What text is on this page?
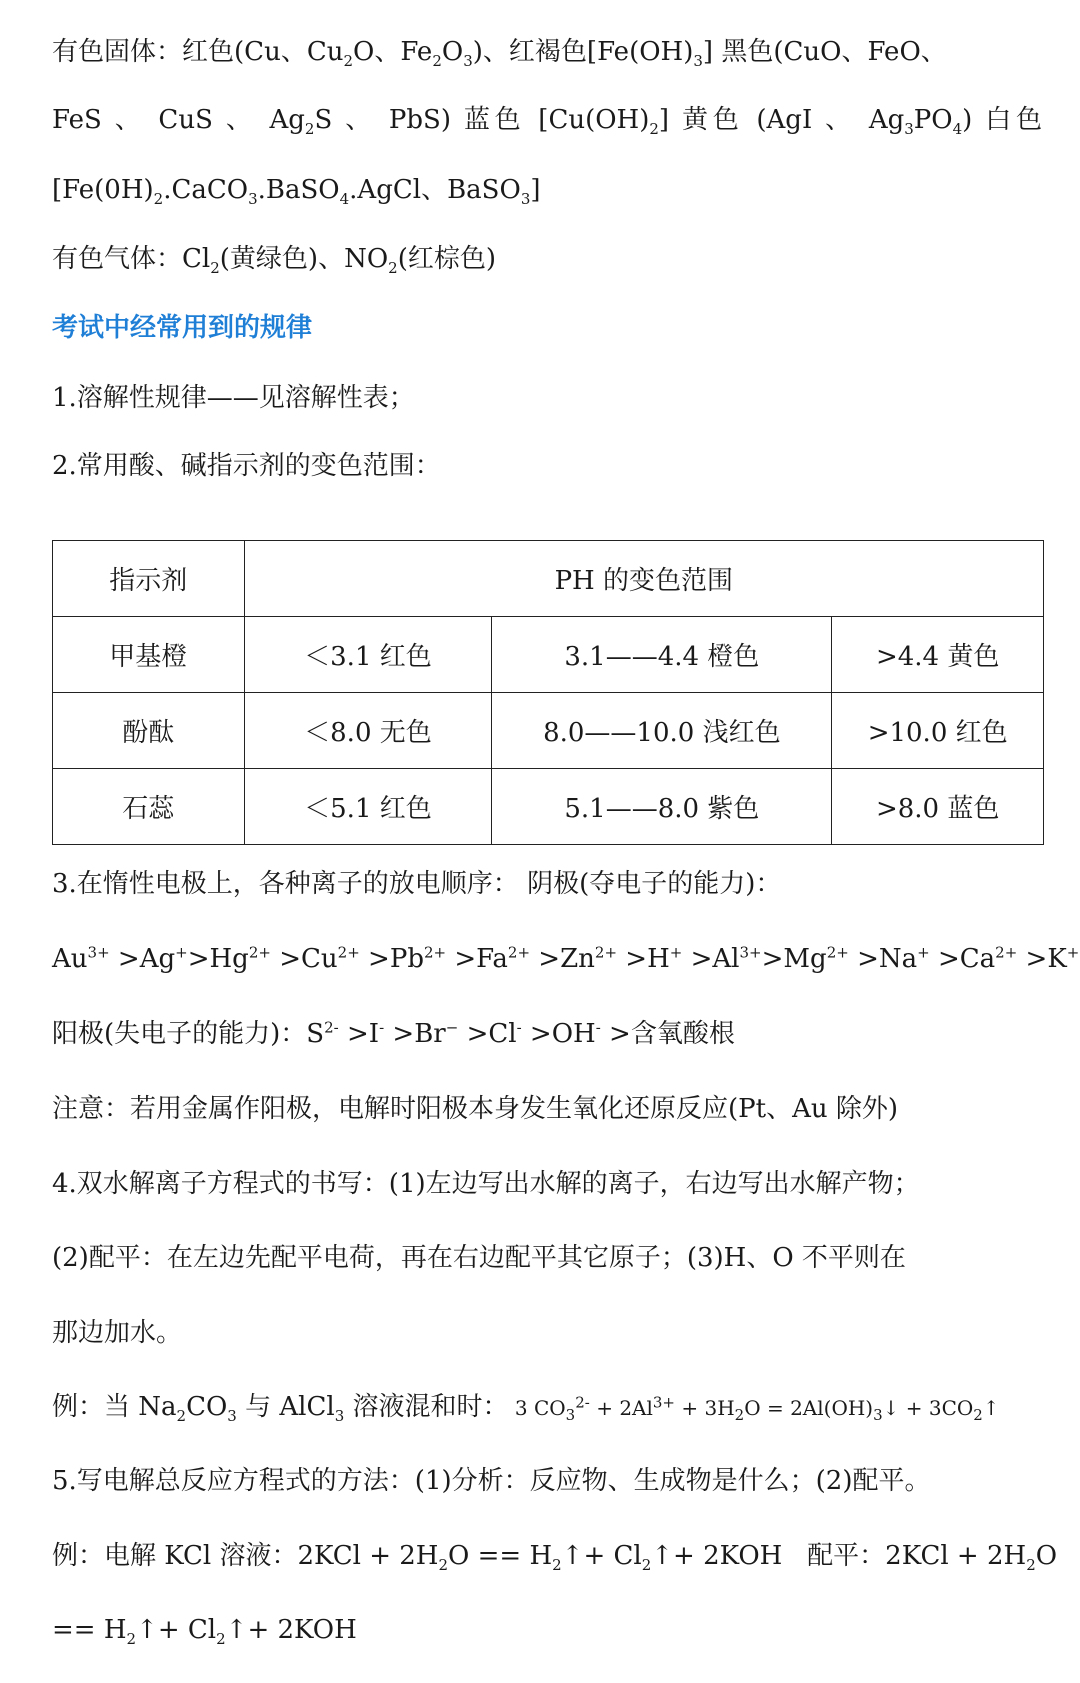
有色固体：红色(Cu、$Cu_2O$、$Fe_2O_3$)、红褐色$[Fe(OH)_3]$ 黑色(CuO、FeO、
FeS 、 CuS 、 $Ag_2S$ 、 PbS) 蓝色 $[Cu(OH)_2]$ 黄色 (AgI 、 $Ag_3PO_4$) 白色
[$Fe(0H)_2.CaCO_3.BaSO_4.AgCl$、BaSO$_3$]
有色气体：$Cl_2$(黄绿色)、$NO_2$(红棕色)
考试中经常用到的规律
1.溶解性规律——见溶解性表；
2.常用酸、碱指示剂的变色范围：
指示剂	PH 的变色范围		
甲基橙	＜3.1 红色	3.1——4.4 橙色	>4.4 黄色
酚酞	＜8.0 无色	8.0——10.0 浅红色	>10.0 红色
石蕊	＜5.1 红色	5.1——8.0 紫色	>8.0 蓝色
3.在惰性电极上，各种离子的放电顺序： 阴极(夺电子的能力)：
$Au^{3+} >Ag^+>Hg^{2+} >Cu^{2+} >Pb^{2+} >Fa^{2+} >Zn^{2+} >H^+ >Al^{3+}>Mg^{2+} >Na^+ >Ca^{2+} >K^+$
阳极(失电子的能力)：$S^{2-} >I^- >Br^- >Cl^- >OH^-$ >含氧酸根
注意：若用金属作阳极，电解时阳极本身发生氧化还原反应(Pt、Au 除外)
4.双水解离子方程式的书写：(1)左边写出水解的离子，右边写出水解产物；
(2)配平：在左边先配平电荷，再在右边配平其它原子；(3)H、O 不平则在
那边加水。
例：当 $Na_2CO_3$ 与 AlCl$_3$ 溶液混和时： 3 $CO_3^{2-} + 2Al^{3+} + 3H_2O$ = $2Al(OH)_3↓$ + $3CO_2↑$
5.写电解总反应方程式的方法：(1)分析：反应物、生成物是什么；(2)配平。
例：电解 KCl 溶液：$2KCl + 2H_2O$ == $H_2↑+$ $Cl_2↑+ 2KOH$   配平：$2KCl + 2H_2O$
== $H_2↑+$ $Cl_2↑+ 2KOH$
